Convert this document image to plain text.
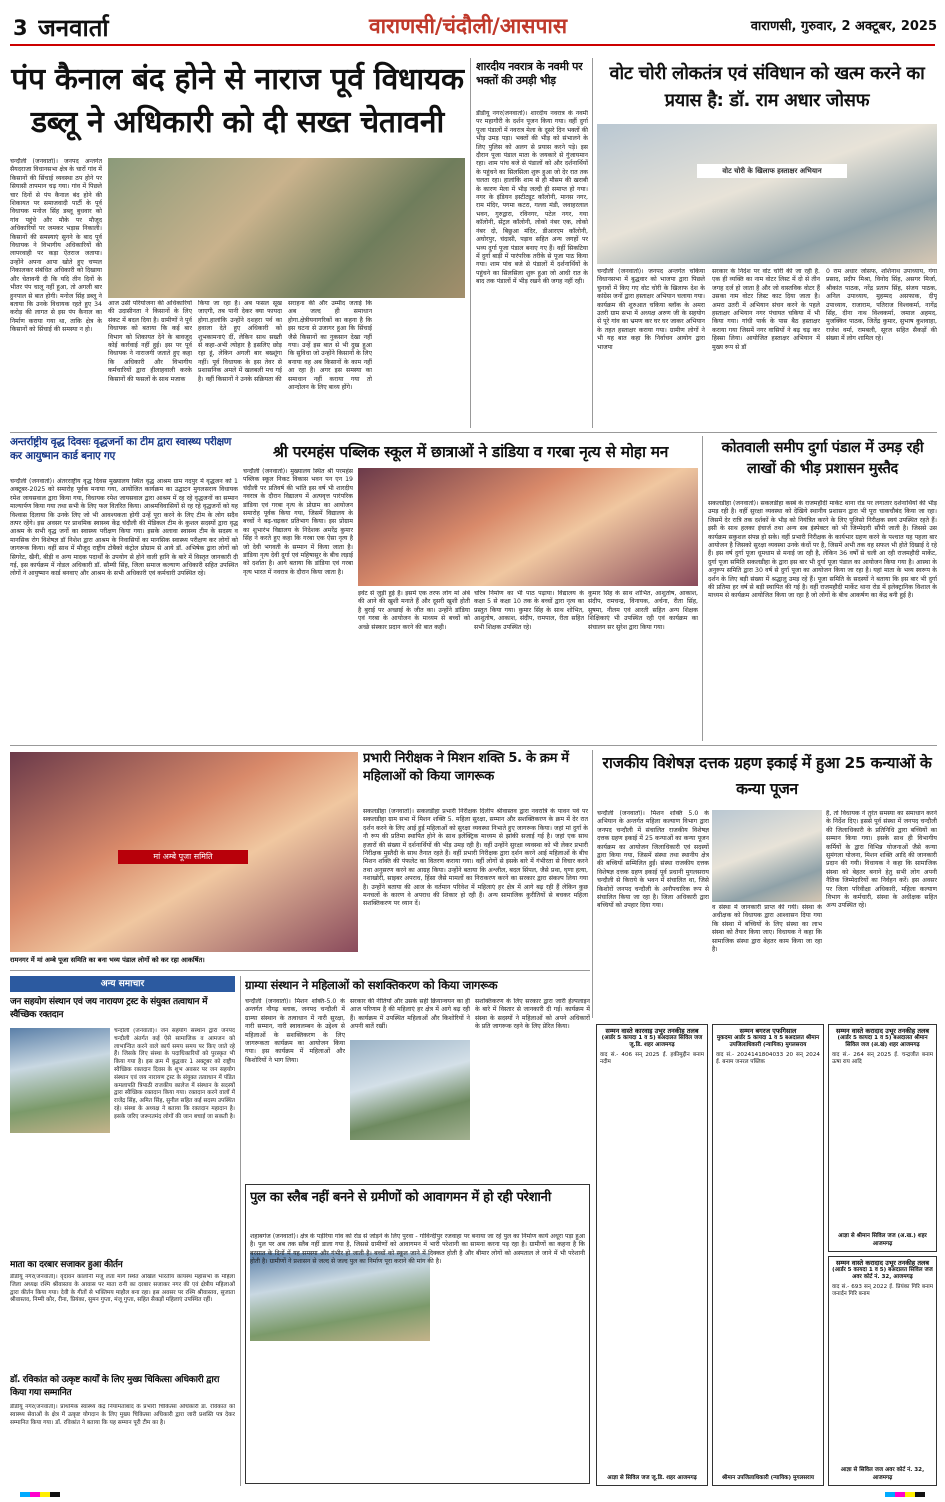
3 जनवार्ता	वाराणसी/चंदौली/आसपास	वाराणसी, गुरुवार, 2 अक्टूबर, 2025
पंप कैनाल बंद होने से नाराज पूर्व विधायक डब्लू ने अधिकारी को दी सख्त चेतावनी
चन्दौली (जनवार्ता)। जनपद अन्तर्गत सैयदराजा विधानसभा क्षेत्र के चारों गांव में किसानों की सिंचाई व्यवस्था ठप होने पर सियासी तापमान चढ़ गया। गांव में पिछले चार दिनों से पंप कैनाल बंद होने की शिकायत पर समाजवादी पार्टी के पूर्व विधायक मनोज सिंह डब्लू बुधवार को गांव पहुंचे और मौके पर मौजूद अधिकारियों पर जमकर भड़ास निकाली। किसानों की समस्याएं सुनने के बाद पूर्व विधायक ने विभागीय अधिकारियों की लापरवाही पर कड़ा ऐतराज जताया। उन्होंने अपना आपा खोते हुए चप्पल निकालकर संबंधित अधिकारी को दिखाया और चेतावनी दी कि यदि तीन दिनों के भीतर पंप चालू नहीं हुआ, तो अगली बार हुनपाल से बात होगी। मनोज सिंह डब्लू ने बताया कि उनके विधायक रहते हुए 34 करोड़ की लागत से इस पंप कैनाल का निर्माण कराया गया था, ताकि क्षेत्र के किसानों को सिंचाई की समस्या न हो।
आज उसी परियोजना की अधिकारियों की उदासीनता ने किसानों के लिए संकट में बदल दिया है। ग्रामीणों ने पूर्व विधायक को बताया कि कई बार विभाग को शिकायत देने के बावजूद कोई कार्रवाई नहीं हुई। इस पर पूर्व विधायक ने नाराजगी जताते हुए कहा कि अधिकारी और विभागीय कर्मचारियों द्वारा हीलाहवाली करके किसानों की फसलों के साथ मजाक
किया जा रहा है। अब फसल सूख जाएगी, तब पानी देकर क्या फायदा होगा.हालांकि उन्होंने दशहरा पर्व का हवाला देते हुए अधिकारी को शुभकामनाएं दीं, लेकिन साथ सख्ती से कहा-अभी त्योहार है इसलिए छोड़ रहा हूं, लेकिन अगली बार बख्शूंगा नहीं। पूर्व विधायक के इस तेवर से प्रशासनिक अमले में खलबली मच गई है। वहीं किसानों ने उनके सक्रियता की
सराहना की और उम्मीद जताई कि अब जल्द ही समाधान होगा.क्षेत्रीयनागरिकों का कहना है कि इस घटना से उजागर हुआ कि सिंचाई जैसे किसानों का नुकसान देखा नहीं गया। उन्हें इस बात से भी दुख हुआ कि सुविधा जो उन्होंने किसानों के लिए बनाया वह अब किसानों के काम नहीं आ रहा है। अगर इस समस्या का समाधान नहीं कराया गया तो आन्दोलन के लिए बाध्य होंगे।
शारदीय नवरात्र के नवमी पर भक्तों की उमड़ी भीड़
डीडीयू नगर(जनवार्ता)। शारदीय नवरात्र के नवमी पर महागौरी के दर्शन पूजन किया गया। वहीं दुर्गा पूजा पंडालों में नवरात्र मेला के दूसरे दिन भक्तों की भीड़ उमड़ पड़ा। भक्तों की भीड़ को संभालने के लिए पुलिस को अलग से प्रयास करने पड़े। इस दौरान पूजा पंडाल माता के जयकारे से गुंजायमान रहा। शाम पांच बजे से पंडालों को और दर्शनार्थियों के पहुंचने का सिलसिला शुरू हुआ जो देर रात तक चलता रहा। हालांकि शाम से ही मौसम की खराबी के कारण मेला में भीड़ जल्दी ही समाप्त हो गया। नगर के इंडियन इस्टीट्यूट कॉलोनी, मानस नगर, राम मंदिर, पगमा कटरा, गल्ला मंडी, जवाहरलाल भवन, गुरुद्वारा, रविनगर, पटेल नगर, गया कॉलोनी, सेंट्रल कॉलोनी, लोको नंबर एक, लोको नंबर दो, बिछुआ मंदिर, डीआरएम कॉलोनी, अघोरपुर, चंदासी, पड़ाव सहित अन्य जगहों पर भव्य दुर्गा पूजा पंडाल बनाए गए हैं। वहीं सिकटिया में दुर्गा बाड़ी में पारंपरिक तरीके से पूजा पाठ किया गया। शाम पांच बजे से पंडालों में दर्शनार्थियों के पहुंचने का सिलसिला शुरू हुआ जो आधी रात के बाद तक पंडालों में भीड़ रखने की जगह नहीं रही।
वोट चोरी लोकतंत्र एवं संविधान को खत्म करने का प्रयास है: डॉ. राम अधार जोसफ
वोट चोरी के खिलाफ हस्ताक्षर अभियान
चन्दौली (जनवार्ता)। जनपद अन्तर्गत चकिया विधानसभा में बुद्धवार को भाजपा द्वारा पिछले चुनावों में किए गए वोट चोरी के खिलाफ देश के कांग्रेस जनों द्वारा हस्ताक्षर अभियान चलाया गया। कार्यक्रम की शुरुआत चकिया ब्लॉक के अमरा उतरी ग्राम सभा में अध्यक्ष अरुण जी के सहयोग से पूरे गांव का भ्रमण कर घर घर जाकर अभियान के तहत हस्ताक्षर कराया गया। ग्रामीण लोगों ने भी यह बात कहा कि निर्वाचन आयोग द्वारा भाजपा
सरकार के निर्देश पर वोट चोरी की जा रही है. एक ही व्यक्ति का नाम वोटर लिस्ट में दो से तीन जगह दर्ज हो जाता है और जो वास्तविक वोटर हैं उसका नाम वोटर लिस्ट काट दिया जाता है। अमरा उतरी में अभियान संचन करने के पहले हस्ताक्षर अभियान नगर पंचायत चकिया में भी किया गया। गांधी पार्क के पास बैठ हस्ताक्षर कराया गया जिसमें नगर वासियों ने बढ़ चढ़ कर हिस्सा लिया। आयोजित हस्ताक्षर अभियान में मुख्य रूप से डॉ
0 राम अधार जोसफ, शशिनाथ उपाध्याय, गंगा प्रसाद, प्रदीप मिश्रा, विनोद सिंह, असगर मिर्जा, श्रीकांत पाठक, नरेंद्र प्रताप सिंह, संजय पाठक, अनिल उपाध्याय, मुहम्मद असफाक, दीपू उपाध्याय, राजाराम, पतिराज विश्वकर्मा, नागेंद्र सिंह, दीना नाथ विश्वकर्मा, जमाल अहमद, मुजक्किर पाठक, जितेंद्र कुमार, सुभाष कुशवाहा, राजेश वर्मा, रामबली, सूरज सहित सैकड़ों की संख्या में लोग शामिल रहे।
अन्तर्राष्ट्रीय वृद्ध दिवसः वृद्धजनों का टीम द्वारा स्वास्थ्य परीक्षण कर आयुष्मान कार्ड बनाए गए
चन्दौली (जनवार्ता)। अंतरराष्ट्रीय वृद्ध दिवस मुख्यालय स्थित वृद्ध आश्रम ग्राम नदपुर में वृद्धजन को 1 अक्टूबर-2025 को समारोह पूर्वक मनाया गया, आयोजित कार्यक्रम का उद्घाटन मुगलसराय विधायक रमेश जायसवाल द्वारा किया गया, विधायक रमेश जायसवाल द्वारा आश्रम में रह रहे वृद्धजनों का सम्मान माल्यार्पण किया गया तथा सभी के लिए फल वितरित किया। आश्रमविवासियों से रह रहे वृद्धजनों को यह विश्वास दिलाया कि उनके लिए जो भी आवश्यकता होगी उन्हें पूरा करने के लिए टीम के लोग सदैव तत्पर रहेंगे। इस अवसर पर प्राथमिक स्वास्थ्य केंद्र चंदौली की मेडिकल टीम के कुशल सदस्यों द्वारा वृद्ध आश्रम के सभी वृद्ध जनों का स्वास्थ्य परीक्षण किया गया। इसके अलावा स्वास्थ्य टीम के सदस्य व मानसिक रोग विशेषज्ञ डॉ निशेश द्वारा आश्रम के निवासियों का मानसिक स्वास्थ्य परीक्षण कर लोगों को जागरूक किया। वहीं साथ में मौजूद राष्ट्रीय टोबैको कंट्रोल प्रोग्राम से आये डॉ. अभिषेक द्वारा लोगों को सिगरेट, खैनी, बीड़ी व अन्य मादक पदार्थों के उपयोग से होने वाली हानि के बारे में विस्तृत जानकारी दी गई, इस कार्यक्रम में नोडल अधिकारी डॉ. सौम्यी सिंह, जिला समाज कल्याण अधिकारी सहित उपस्थित लोगों ने आयुष्मान कार्ड बनवाए और आश्रम के सभी अधिकारी एवं कर्मचारी उपस्थित रहे।
श्री परमहंस पब्लिक स्कूल में छात्राओं ने डांडिया व गरबा नृत्य से मोहा मन
चन्दौली (जनवार्ता)। मुख्यालय स्थित श्री परमहंस पब्लिक स्कूल निकट विकास भवन पन एन 19 चंदौली पर प्रतिवर्ष की भांति इस वर्ष भी शारदीय नवरात्र के दौरान विद्यालय में अत्यवृत्त पारंपरिक डांडिया एवं गरबा नृत्य के प्रोग्राम का आयोजन समारोह पूर्वक किया गया, जिसमें विद्यालय के बच्चों ने बढ़-चढ़कर प्रतिभाग किया। इस प्रोग्राम का शुभारंभ विद्यालय के निदेशक अमरेंद्र कुमार सिंह ने करते हुए कहा कि गरबा एक ऐसा नृत्य है जो देवी भगवती के सम्मान में किया जाता है। डांडिया नृत्य देवी दुर्गा एवं महिषासुर के बीच लड़ाई को दर्शाता है। आगे बताया कि डांडिया एवं गरबा नृत्य भारत में नवरात्र के दौरान किया जाता है।
इवेंट से जुड़ी हुई है। इसमें एक तरफ लोग मां अंबे की आने की खुशी मनाते हैं और दूसरी खुशी होती है बुराई पर अच्छाई के जीत का। उन्होंने डांडिया एवं गरबा के आयोजन के माध्यम से बच्चों को अच्छे संस्कार प्रदान करने की बात कही।
चरित्र निर्माण का भी पाठ पढ़ाया। विद्यालय के कक्षा 5 से कक्षा 10 तक के बच्चों द्वारा नृत्य का प्रस्तुत किया गया। कुमार सिंह के साथ शोभित, आशुतोष, आकाश, संदीप, रामपाल, रीता सहित सभी शिक्षक उपस्थित रहे।
कुमार सिंह के साथ शोभित, आशुतोष, आकाश, संदीप, रामचन्द्र, विनायक, अर्चना, रीता सिंह, सुषमा, नीलम एवं आरती सहित अन्य शिक्षक शिक्षिकाएं भी उपस्थित रही एवं कार्यक्रम का संचालन सर सुरेश द्वारा किया गया।
कोतवाली समीप दुर्गा पंडाल में उमड़ रही लाखों की भीड़ प्रशासन मुस्तैद
सकलडीहा (जनवार्ता)। सकलडीहा कस्बे के राजमहौदी मार्केट थाना रोड पर लगातार दर्शनार्थियों की भीड़ उमड़ रही है। वहीं सुरक्षा व्यवस्था को देखिये स्थानीय प्रशासन द्वारा भी पूरा चाकचौबंद किया जा रहा। जिसमें देर रात्रि तक दर्शकों के भीड़ को नियंत्रित करने के लिए पुलिसो निरीक्षक स्वयं उपस्थित रहते हैं। इसी के साथ हलका इंचार्ज तथा अन्य सब इंस्पेक्टर को भी जिम्मेदारी सौंपी जाती है। जिससे उस कार्यक्रम सकुशल संपन्न हो सके। वहीं प्रभारी निरीक्षक के कार्यभार ग्रहण करने के पश्चात यह पहला बार आयोजन है जिसको सुरक्षा व्यवस्था उनके कंधों पर है, जिसमें अभी तक वह सफल भी होते दिखाई दे रहे हैं। इस वर्ष दुर्गा पूजा धूमधाम से मनाई जा रही है, लेकिन 36 वर्षों से चली आ रही राजमहौदी मार्केट, दुर्गा पूजा समिति सकलडीहा के द्वारा इस बार भी दुर्गा पूजा पंडाल का आयोजन किया गया है। आस्था के अनुरूप समिति द्वारा 30 वर्ष से दुर्गा पूजा का आयोजन किया जा रहा है। यहां माता के भव्य स्वरूप के दर्शन के लिए बड़ी संख्या में श्रद्धालु उमड़ रहे हैं। पूजा समिति के सदस्यों ने बताया कि इस बार भी दुर्गा की प्रतिमा हर वर्ष से बड़ी स्थापित की गई है। वहीं राजमहौदी मार्केट थाना रोड में इलेक्ट्रानिक विशाल के माध्यम से कार्यक्रम आयोजित किया जा रहा है जो लोगों के बीच आकर्षण का केंद्र बनी हुई है।
मां अम्बे पूजा समिति
रामनगर में मां अम्बे पूजा समिति का बना भव्य पंडाल लोगों को कर रहा आकर्षित।
प्रभारी निरीक्षक ने मिशन शक्ति 5. के क्रम में महिलाओं को किया जागरूक
सकलडीहा (जनवार्ता)। सकलडीहा प्रभारी निरीक्षक दिलीप श्रीवास्तव द्वारा नवरात्रि के पावन पर्व पर सकलडीहा ग्राम सभा में मिशन शक्ति 5. महिला सुरक्षा, सम्मान और सशक्तिकरण के क्रम में देर रात दर्शन करने के लिए आई हुई महिलाओं को सुरक्षा व्यवस्था निभाते हुए जागरूक किया। जहां मां दुर्गा के नौ रूप की प्रतिमा स्थापित होने के साथ इलेक्ट्रिक माध्यम से झांकी सजाई गई है। जहां एक साथ हजारों की संख्या में दर्शनार्थियों की भीड़ उमड़ रही है। वहीं उन्होंने सुरक्षा व्यवस्था को भी लेकर प्रभारी निरीक्षक मुस्तैदी के साथ तैनात रहते हैं। वहीं प्रभारी निरीक्षक द्वारा दर्शन करने आई महिलाओं के बीच मिशन शक्ति की पंफलेट का वितरण कराया गया। वहीं लोगों से इसके बारे में गंभीरता से विचार करने तथा अनुसरण करने का आग्रह किया। उन्होंने बताया कि अश्लील, बदल सिंपल, जैसे प्रथा, घृणा हत्या, नशाखोरी, साइबर अपराध, हिंसा जैसे मामलों का निराकरण करने का सरकार द्वारा संकल्प लिया गया है। उन्होंने बताया की आज के वर्तमान परिवेश में महिलाएं हर क्षेत्र में आगे बढ़ रही हैं लेकिन कुछ मनचलों के कारण वे अपराध की शिकार हो रही हैं। अन्य सामाजिक कुरीतियों से बचकर महिला सशक्तिकरण पर ध्यान दें।
राजकीय विशेषज्ञ दत्तक ग्रहण इकाई में हुआ 25 कन्याओं के कन्या पूजन
चन्दौली (जनवार्ता)। मिशन शक्ति 5.0 के अभियान के अन्तर्गत महिला कल्याण विभाग द्वारा जनपद चन्दौली में संचालित राजकीय विशेषज्ञ दत्तक ग्रहण इकाई में 25 कन्याओं का कन्या पूजन कार्यक्रम का आयोजन जिलाधिकारी एवं सदस्यों द्वारा किया गया, जिसमें संस्था तथा स्थानीय क्षेत्र की बच्चियों सम्मिलित हुईं। संस्था राजकीय दत्तक विशेषज्ञ दत्तक ग्रहण इकाई पूर्व प्रधानी मुगलसराय चन्दौली से किराये के भवन में संचालित था, जिसे किशोरों जनपद चन्दौली के अनौपचारिक रूप से संचालित किया जा रहा है। जिला अधिकारी द्वारा बच्चियों को उपहार दिया गया।	व संस्था में जानकारी प्राप्त की गयी। संस्था के अधीक्षक को विधायक द्वारा आश्वासन दिया गया कि संस्था में बच्चियों के लिए संस्था का लाभ संस्था को तैयार किया जाए। विधायक ने कहा कि सामाजिक संस्था द्वारा बेहतर काम किया जा रहा है।
है, तो विधायक ने तुरंत समस्या का समाधान करने के निर्देश दिए। इससे पूर्व संस्था में जनपद चन्दौली की जिलाधिकारी के प्रतिनिधि द्वारा बच्चियों का सम्मान किया गया। इसके साथ ही विभागीय कर्मियों के द्वारा विभिन्न योजनाओं जैसे कन्या सुमंगला योजना, मिशन शक्ति आदि की जानकारी प्रदान की गयी। विधायक ने कहा कि सामाजिक संस्था को बेहतर बनाने हेतु सभी लोग अपनी नैतिक जिम्मेदारियों का निर्वहन करें। इस अवसर पर जिला परिवीक्षा अधिकारी, महिला कल्याण विभाग के कर्मचारी, संस्था के अधीक्षक सहित अन्य उपस्थित रहे।
अन्य समाचार
जन सहयोग संस्थान एवं जय नारायण ट्रस्ट के संयुक्त तत्वाधान में स्वैच्छिक रक्तदान
चन्दौली (जनवार्ता)। जन सहयोग संस्थान द्वारा जनपद चन्दौली अंतर्गत कई ऐसे सामाजिक व आमजन को लाभान्वित करने वाले कार्य समय समय पर किए जाते रहे हैं। जिसके लिए संस्था के पदाधिकारियों को पुरस्कृत भी किया गया है। इस क्रम में बुद्धवार 1 अक्टूबर को राष्ट्रीय स्वैच्छिक रक्तदान दिवस के शुभ अवसर पर जन सहयोग संस्थान एवं जय नारायण ट्रस्ट के संयुक्त तत्वाधान में पंडित कमलापति त्रिपाठी राजकीय कालेज में संस्थान के सदस्यों द्वारा स्वैच्छिक रक्तदान किया गया। रक्तदान करने वालों में राजेंद्र सिंह, अमित सिंह, सुनील सहित कई सदस्य उपस्थित रहे। संस्था के अध्यक्ष ने बताया कि रक्तदान महादान है। इसके जरिए जरूरतमंद लोगों की जान बचाई जा सकती है।
माता का दरबार सजाकर हुआ कीर्तन
डीडीयू नगर(जनवार्ता)। वृंदावन कॉलोनी मंजू लता मार्ग स्थित अखिल भारतीय कायस्थ महासभा के महिला जिला अध्यक्ष रश्मि श्रीवास्तव के आवास पर माता रानी का दरबार सजाकर नगर की एवं क्षेत्रीय महिलाओं द्वारा कीर्तन किया गया। देवी के गीतों से भक्तिमय माहौल बना रहा। इस अवसर पर रश्मि श्रीवास्तव, सुजाता श्रीवास्तव, निम्मी कौर, रीना, प्रियंका, सुमन गुप्ता, मंजू गुप्ता, सहित सैकड़ों महिलाएं उपस्थित रहीं।
डॉ. रविकांत को उत्कृष्ट कार्यों के लिए मुख्य चिकित्सा अधिकारी द्वारा किया गया सम्मानित
डीडीयू नगर(जनवार्ता)। प्राथमिक स्वास्थ्य केंद्र नियामताबाद के प्रभारी चिकित्सा अधिकारी डॉ. रविकांत को स्वास्थ्य सेवाओं के क्षेत्र में उत्कृष्ट योगदान के लिए मुख्य चिकित्सा अधिकारी द्वारा जारी प्रशस्ति पत्र देकर सम्मानित किया गया। डॉ. रविकांत ने बताया कि यह सम्मान पूरी टीम का है।
ग्राम्या संस्थान ने महिलाओं को सशक्तिकरण को किया जागरूक
चन्दौली (जनवार्ता)। मिशन शक्ति-5.0 के अन्तर्गत नौगढ़ ब्लाक, जनपद चन्दौली में ग्राम्या संस्थान के तत्वाधान में नारी सुरक्षा, नारी सम्मान, नारी स्वावलम्बन के उद्देश्य से महिलाओं के सशक्तिकरण के लिए जागरूकता कार्यक्रम का आयोजन किया गया। इस कार्यक्रम में महिलाओं और किशोरियों ने भाग लिया।
सरकार की नीतियों और उसके सही क्रियान्वयन का ही आज परिणाम है की महिलाएं हर क्षेत्र में आगे बढ़ रही हैं। कार्यक्रम में उपस्थित महिलाओं और किशोरियों ने अपनी बातें रखीं।
सशक्तिकरण के लिए सरकार द्वारा जारी हेल्पलाइन के बारे में विस्तार से जानकारी दी गई। कार्यक्रम में संस्था के सदस्यों ने महिलाओं को अपने अधिकारों के प्रति जागरूक रहने के लिए प्रेरित किया।
पुल का स्लैब नहीं बनने से ग्रमीणों को आवागमन में हो रही परेशानी
शहाबगंज (जनवार्ता)। क्षेत्र के पड़ेरिया गांव को रोड से जोड़ने के लिए पुरवा - गोविन्दीपुर रजवाहा पर बनाया जा रहे पुल का निर्माण कार्य अधूरा पड़ा हुआ है। पुल पर अब तक स्लैब नहीं डाला गया है, जिससे ग्रामीणों को आवागमन में भारी परेशानी का सामना करना पड़ रहा है। ग्रामीणों का कहना है कि बरसात के दिनों में यह समस्या और गंभीर हो जाती है। बच्चों को स्कूल जाने में दिक्कत होती है और बीमार लोगों को अस्पताल ले जाने में भी परेशानी होती है। ग्रामीणों ने प्रशासन से जल्द से जल्द पुल का निर्माण पूरा कराने की मांग की है।
सम्मन वास्ते कारवाइ उभुर तनकीह तलब
(आर्डर 5 कायदा 1 व 5) बअदालत सिविल जज जू.डि. शहर आजमगढ़
वाद सं.- 406 सन् 2025 ई. हकीमुद्दीन बनाम नदीम
आज्ञा से सिविल जज जू.डि. शहर आजमगढ़
सम्मन बगरज एफगिसाल
मुकदमा आर्डर 5 कायदा 1 व 5 बअदालत श्रीमान उपजिलाधिकारी (न्यायिक) मुगलसराय
वाद सं.- 2024141804033 20 सन् 2024 ई. बनाम जनरल पब्लिक
श्रीमान उपजिलाधिकारी (न्यायिक) मुगलसराय
सम्मन वास्ते करादाद उभूर तनकीह तलब
(आर्डर 5 कायदा 1 व 5) बअदालत श्रीमान सिविल जज (अ.खं) शहर आजमगढ़
वाद सं.- 264 सन् 2025 ई. चन्द्रजीत बनाम ऊषा राय आदि
आज्ञा से श्रीमान सिविल जज (अ.ख.) शहर आजमगढ़
सम्मन वास्ते करादाद उभूर तनकीह तलब
(आर्डर 5 कायदा 1 व 5) बअदालत सिविल जज अवर कोर्ट नं. 32, आजमगढ़
वाद सं.- 693 सन् 2022 ई. प्रियंका गिरि बनाम जनार्दन गिरि बनाम
आज्ञा से सिविल जज अवर कोर्ट नं. 32, आजमगढ़
